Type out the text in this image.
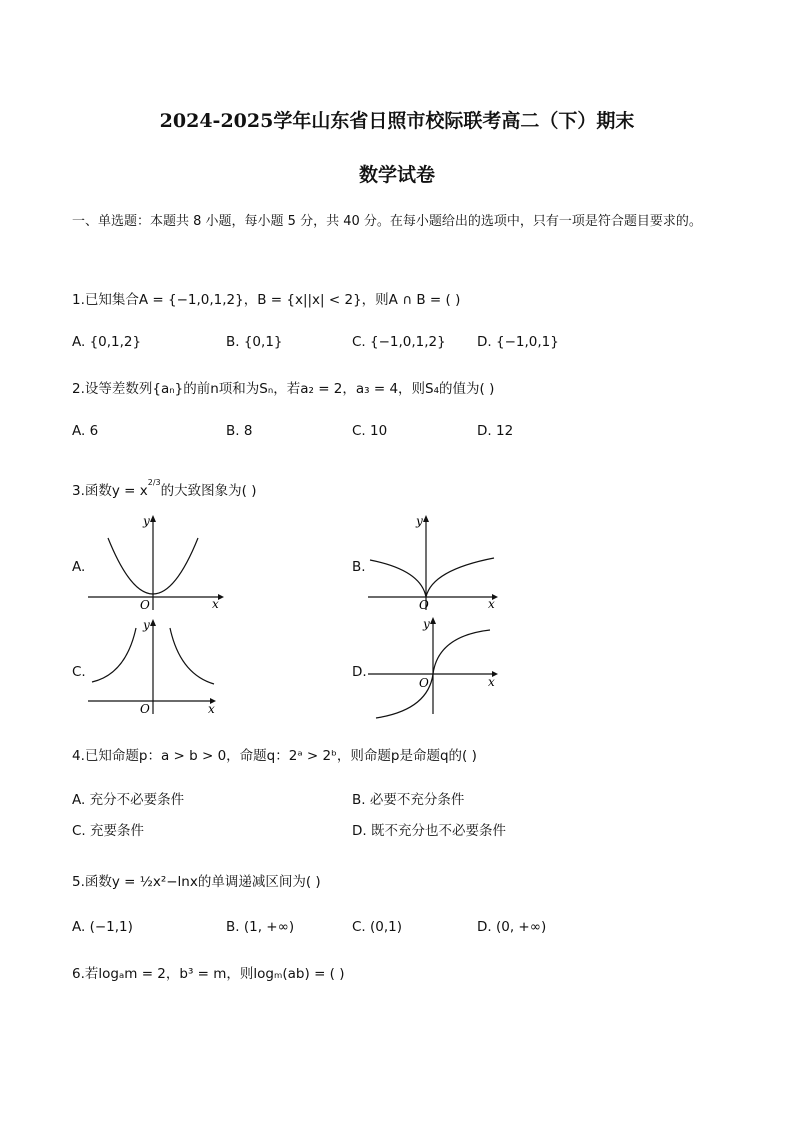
2024-2025学年山东省日照市校际联考高二（下）期末
数学试卷
一、单选题：本题共 8 小题，每小题 5 分，共 40 分。在每小题给出的选项中，只有一项是符合题目要求的。
1.已知集合A = {−1,0,1,2}，B = {x||x| < 2}，则A ∩ B = ( )
A. {0,1,2}	B. {0,1}	C. {−1,0,1,2} D. {−1,0,1}
2.设等差数列{aₙ}的前n项和为Sₙ，若a₂ = 2，a₃ = 4，则S₄的值为( )
A. 6	B. 8	C. 10	D. 12
3.函数$y = x^{2/3}$的大致图象为( )
A.	B.
C.	D.
x
y
O	x
y
O
x
y
O
x
y
O
4.已知命题p：a > b > 0，命题q：2ᵃ > 2ᵇ，则命题p是命题q的( )
A. 充分不必要条件	B. 必要不充分条件
C. 充要条件	D. 既不充分也不必要条件
5.函数y = ½x²−lnx的单调递减区间为( )
A. (−1,1)	B. (1, +∞)	C. (0,1)	D. (0, +∞)
6.若logₐm = 2，b³ = m，则logₘ(ab) = ( )
